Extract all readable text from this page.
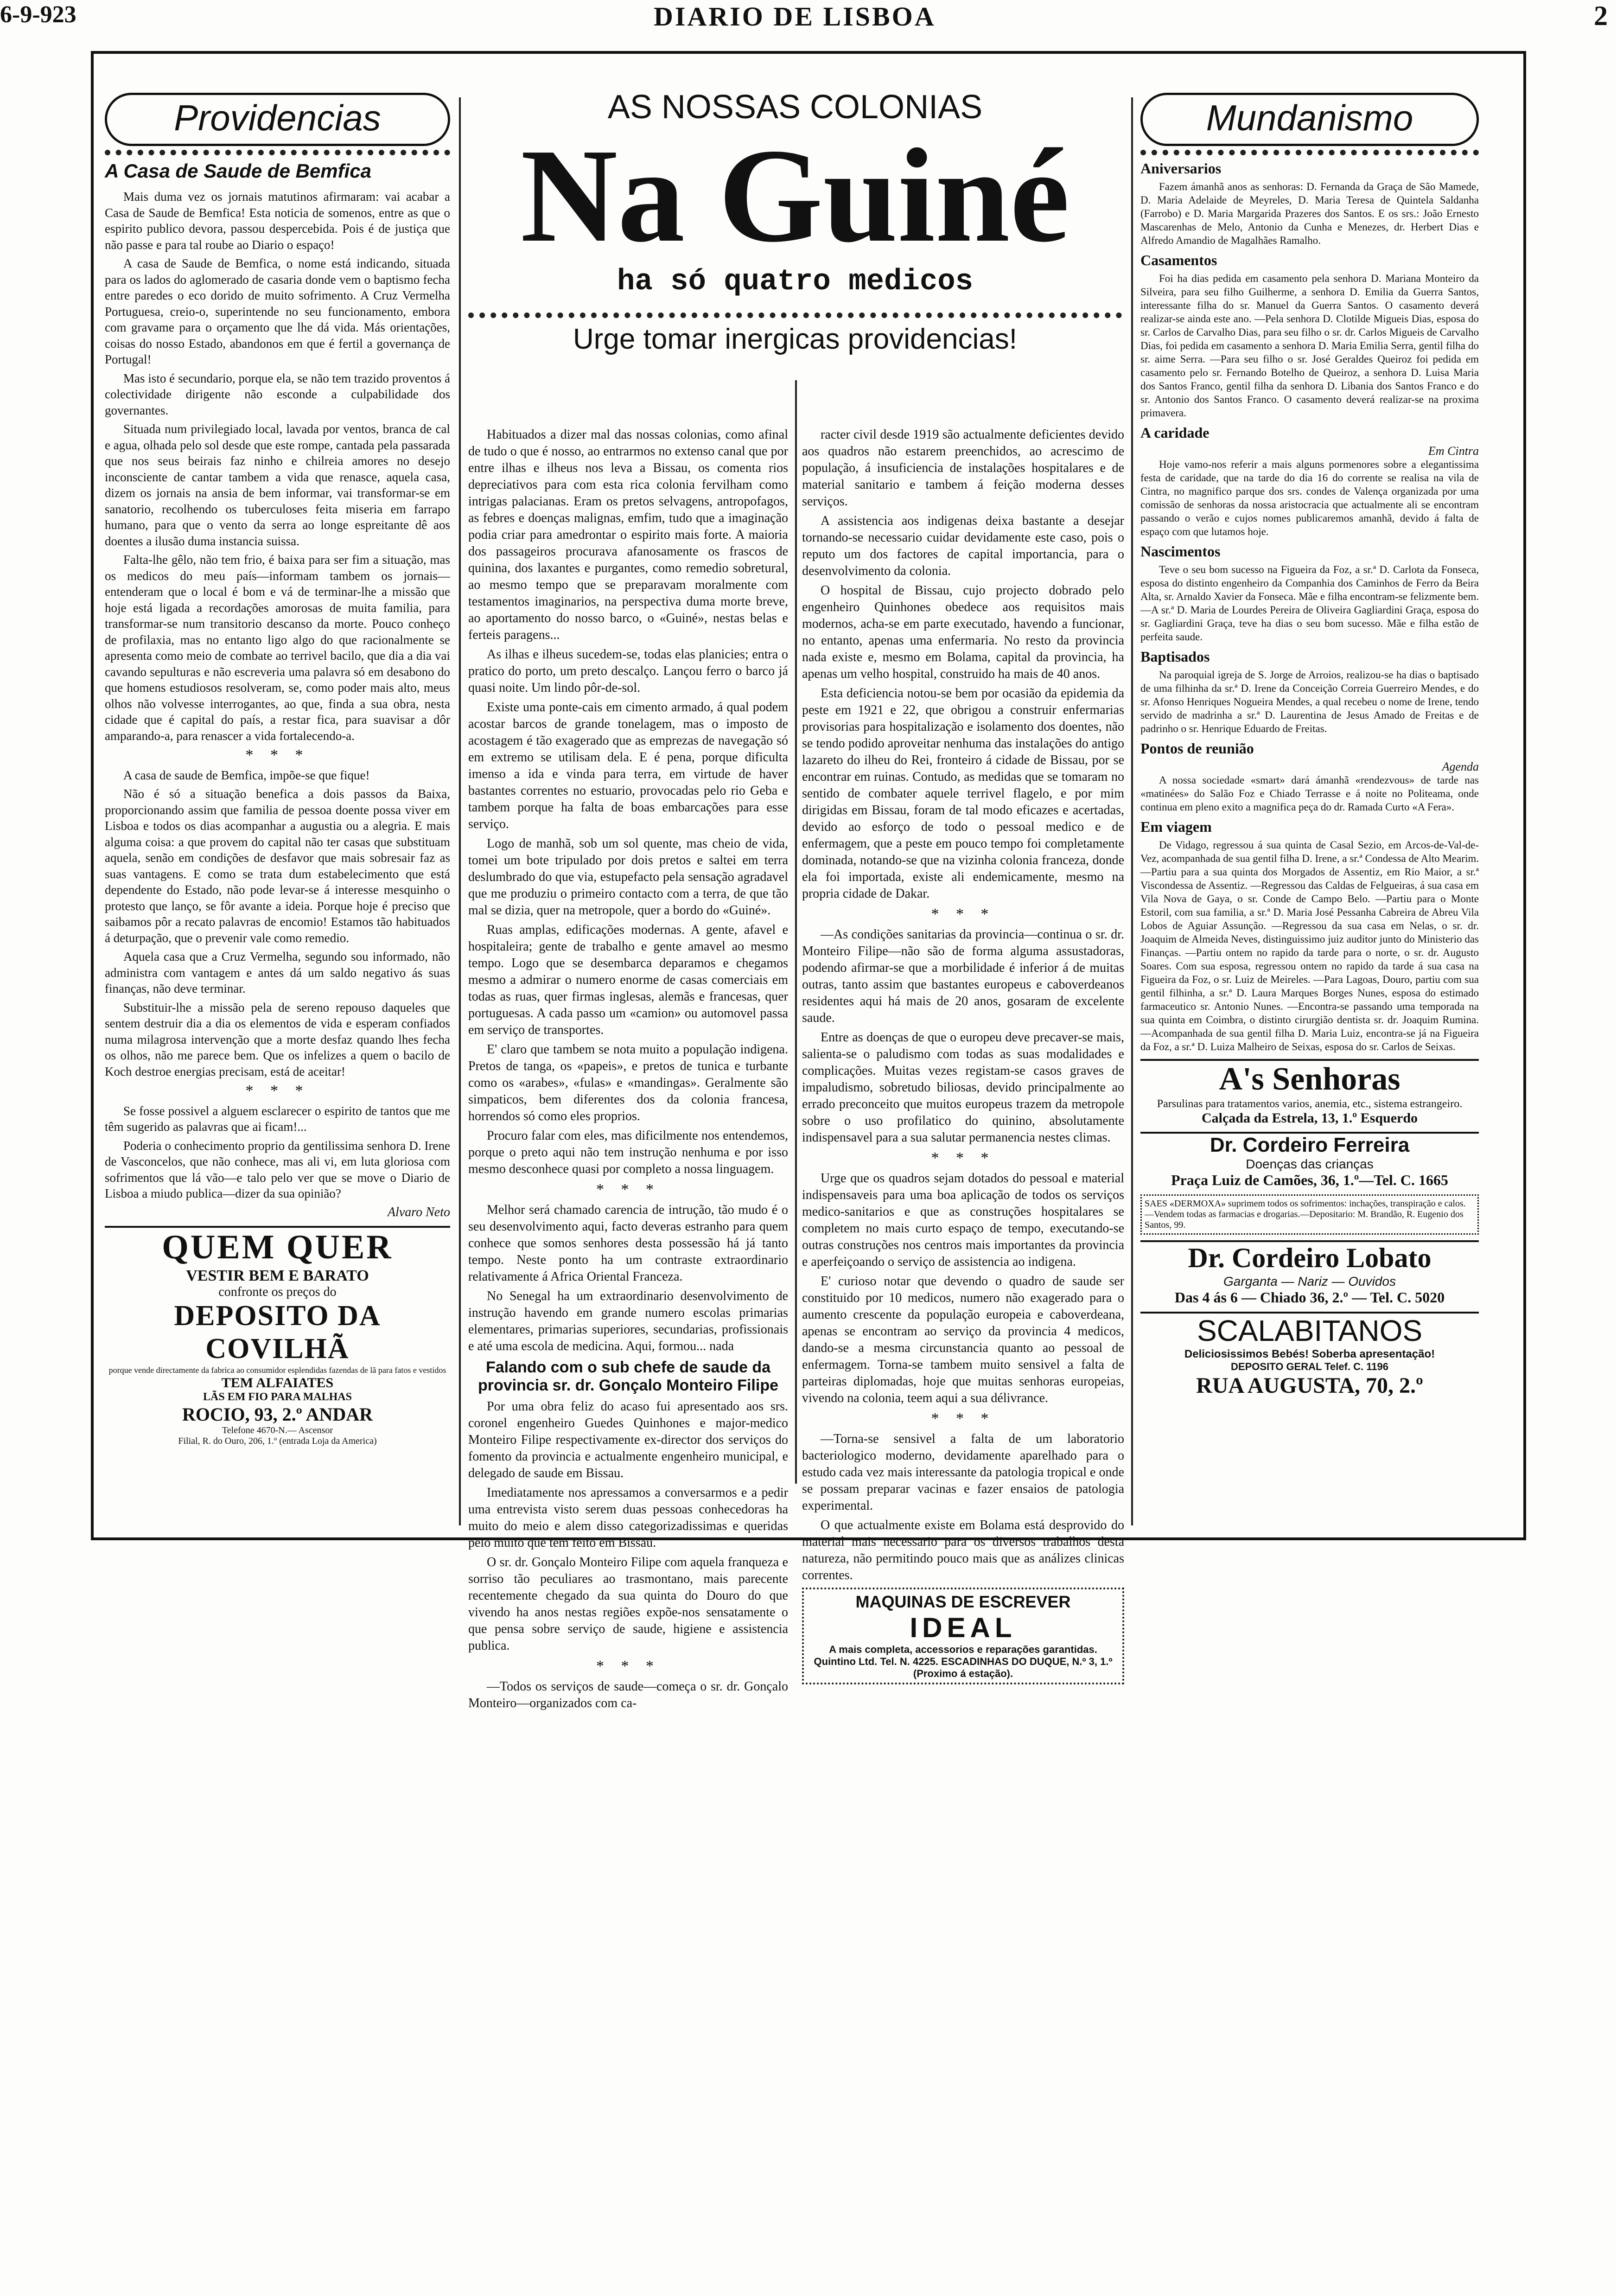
6-9-923	DIARIO DE LISBOA	2
Providencias
A Casa de Saude de Bemfica

Mais duma vez os jornais matutinos afirmaram: vai acabar a Casa de Saude de Bemfica! Esta noticia de somenos, entre as que o espirito publico devora, passou despercebida. Pois é de justiça que não passe e para tal roube ao Diario o espaço!

A casa de Saude de Bemfica, o nome está indicando, situada para os lados do aglomerado de casaria donde vem o baptismo fecha entre paredes o eco dorido de muito sofrimento. A Cruz Vermelha Portuguesa, creio-o, superintende no seu funcionamento, embora com gravame para o orçamento que lhe dá vida. Más orientações, coisas do nosso Estado, abandonos em que é fertil a governança de Portugal!

Mas isto é secundario, porque ela, se não tem trazido proventos á colectividade dirigente não esconde a culpabilidade dos governantes.

Situada num privilegiado local, lavada por ventos, branca de cal e agua, olhada pelo sol desde que este rompe, cantada pela passarada que nos seus beirais faz ninho e chilreia amores no desejo inconsciente de cantar tambem a vida que renasce, aquela casa, dizem os jornais na ansia de bem informar, vai transformar-se em sanatorio, recolhendo os tuberculoses feita miseria em farrapo humano, para que o vento da serra ao longe espreitante dê aos doentes a ilusão duma instancia suissa.

Falta-lhe gêlo, não tem frio, é baixa para ser fim a situação, mas os medicos do meu país—informam tambem os jornais—entenderam que o local é bom e vá de terminar-lhe a missão que hoje está ligada a recordações amorosas de muita familia, para transformar-se num transitorio descanso da morte. Pouco conheço de profilaxia, mas no entanto ligo algo do que racionalmente se apresenta como meio de combate ao terrivel bacilo, que dia a dia vai cavando sepulturas e não escreveria uma palavra só em desabono do que homens estudiosos resolveram, se, como poder mais alto, meus olhos não volvesse interrogantes, ao que, finda a sua obra, nesta cidade que é capital do país, a restar fica, para suavisar a dôr amparando-a, para renascer a vida fortalecendo-a.

* * *

A casa de saude de Bemfica, impõe-se que fique!

Não é só a situação benefica a dois passos da Baixa, proporcionando assim que familia de pessoa doente possa viver em Lisboa e todos os dias acompanhar a augustia ou a alegria. E mais alguma coisa: a que provem do capital não ter casas que substituam aquela, senão em condições de desfavor que mais sobresair faz as suas vantagens. E como se trata dum estabelecimento que está dependente do Estado, não pode levar-se á interesse mesquinho o protesto que lanço, se fôr avante a ideia. Porque hoje é preciso que saibamos pôr a recato palavras de encomio! Estamos tão habituados á deturpação, que o prevenir vale como remedio.

Aquela casa que a Cruz Vermelha, segundo sou informado, não administra com vantagem e antes dá um saldo negativo ás suas finanças, não deve terminar.

Substituir-lhe a missão pela de sereno repouso daqueles que sentem destruir dia a dia os elementos de vida e esperam confiados numa milagrosa intervenção que a morte desfaz quando lhes fecha os olhos, não me parece bem. Que os infelizes a quem o bacilo de Koch destroe energias precisam, está de aceitar!

* * *

Se fosse possivel a alguem esclarecer o espirito de tantos que me têm sugerido as palavras que ai ficam!...

Poderia o conhecimento proprio da gentilissima senhora D. Irene de Vasconcelos, que não conhece, mas ali vi, em luta gloriosa com sofrimentos que lá vão—e talo pelo ver que se move o Diario de Lisboa a miudo publica—dizer da sua opinião?

Alvaro Neto
QUEM QUER
VESTIR BEM E BARATO
confronte os preços do
DEPOSITO DA COVILHÃ
porque vende directamente da fabrica ao consumidor esplendidas fazendas de lã para fatos e vestidos
TEM ALFAIATES
LÃS EM FIO PARA MALHAS
ROCIO, 93, 2.º ANDAR
Telefone 4670-N.— Ascensor
Filial, R. do Ouro, 206, 1.º (entrada Loja da America)
AS NOSSAS COLONIAS
Na Guiné
ha só quatro medicos
Urge tomar inergicas providencias!

Habituados a dizer mal das nossas colonias, como afinal de tudo o que é nosso, ao entrarmos no extenso canal que por entre ilhas e ilheus nos leva a Bissau, os comenta rios depreciativos para com esta rica colonia fervilham como intrigas palacianas. Eram os pretos selvagens, antropofagos, as febres e doenças malignas, emfim, tudo que a imaginação podia criar para amedrontar o espirito mais forte. A maioria dos passageiros procurava afanosamente os frascos de quinina, dos laxantes e purgantes, como remedio sobretural, ao mesmo tempo que se preparavam moralmente com testamentos imaginarios, na perspectiva duma morte breve, ao aportamento do nosso barco, o «Guiné», nestas belas e ferteis paragens...

As ilhas e ilheus sucedem-se, todas elas planicies; entra o pratico do porto, um preto descalço. Lançou ferro o barco já quasi noite. Um lindo pôr-de-sol.

Existe uma ponte-cais em cimento armado, á qual podem acostar barcos de grande tonelagem, mas o imposto de acostagem é tão exagerado que as emprezas de navegação só em extremo se utilisam dela. E é pena, porque dificulta imenso a ida e vinda para terra, em virtude de haver bastantes correntes no estuario, provocadas pelo rio Geba e tambem porque ha falta de boas embarcações para esse serviço.

Logo de manhã, sob um sol quente, mas cheio de vida, tomei um bote tripulado por dois pretos e saltei em terra deslumbrado do que via, estupefacto pela sensação agradavel que me produziu o primeiro contacto com a terra, de que tão mal se dizia, quer na metropole, quer a bordo do «Guiné».

Ruas amplas, edificações modernas. A gente, afavel e hospitaleira; gente de trabalho e gente amavel ao mesmo tempo. Logo que se desembarca deparamos e chegamos mesmo a admirar o numero enorme de casas comerciais em todas as ruas, quer firmas inglesas, alemãs e francesas, quer portuguesas. A cada passo um «camion» ou automovel passa em serviço de transportes.

E' claro que tambem se nota muito a população indigena. Pretos de tanga, os «papeis», e pretos de tunica e turbante como os «arabes», «fulas» e «mandingas». Geralmente são simpaticos, bem diferentes dos da colonia francesa, horrendos só como eles proprios.

Procuro falar com eles, mas dificilmente nos entendemos, porque o preto aqui não tem instrução nenhuma e por isso mesmo desconhece quasi por completo a nossa linguagem.

* * *

Melhor será chamado carencia de intrução, tão mudo é o seu desenvolvimento aqui, facto deveras estranho para quem conhece que somos senhores desta possessão há já tanto tempo. Neste ponto ha um contraste extraordinario relativamente á Africa Oriental Franceza.

No Senegal ha um extraordinario desenvolvimento de instrução havendo em grande numero escolas primarias elementares, primarias superiores, secundarias, profissionais e até uma escola de medicina. Aqui, formou... nada

Falando com o sub chefe de saude da provincia sr. dr. Gonçalo Monteiro Filipe

Por uma obra feliz do acaso fui apresentado aos srs. coronel engenheiro Guedes Quinhones e major-medico Monteiro Filipe respectivamente ex-director dos serviços do fomento da provincia e actualmente engenheiro municipal, e delegado de saude em Bissau.

Imediatamente nos apressamos a conversarmos e a pedir uma entrevista visto serem duas pessoas conhecedoras ha muito do meio e alem disso categorizadissimas e queridas pelo muito que tem feito em Bissau.

O sr. dr. Gonçalo Monteiro Filipe com aquela franqueza e sorriso tão peculiares ao trasmontano, mais parecente recentemente chegado da sua quinta do Douro do que vivendo ha anos nestas regiões expõe-nos sensatamente o que pensa sobre serviço de saude, higiene e assistencia publica.

* * *

—Todos os serviços de saude—começa o sr. dr. Gonçalo Monteiro—organizados com ca-

racter civil desde 1919 são actualmente deficientes devido aos quadros não estarem preenchidos, ao acrescimo de população, á insuficiencia de instalações hospitalares e de material sanitario e tambem á feição moderna desses serviços.

A assistencia aos indigenas deixa bastante a desejar tornando-se necessario cuidar devidamente este caso, pois o reputo um dos factores de capital importancia, para o desenvolvimento da colonia.

O hospital de Bissau, cujo projecto dobrado pelo engenheiro Quinhones obedece aos requisitos mais modernos, acha-se em parte executado, havendo a funcionar, no entanto, apenas uma enfermaria. No resto da provincia nada existe e, mesmo em Bolama, capital da provincia, ha apenas um velho hospital, construido ha mais de 40 anos.

Esta deficiencia notou-se bem por ocasião da epidemia da peste em 1921 e 22, que obrigou a construir enfermarias provisorias para hospitalização e isolamento dos doentes, não se tendo podido aproveitar nenhuma das instalações do antigo lazareto do ilheu do Rei, fronteiro á cidade de Bissau, por se encontrar em ruinas. Contudo, as medidas que se tomaram no sentido de combater aquele terrivel flagelo, e por mim dirigidas em Bissau, foram de tal modo eficazes e acertadas, devido ao esforço de todo o pessoal medico e de enfermagem, que a peste em pouco tempo foi completamente dominada, notando-se que na vizinha colonia franceza, donde ela foi importada, existe ali endemicamente, mesmo na propria cidade de Dakar.

* * *

—As condições sanitarias da provincia—continua o sr. dr. Monteiro Filipe—não são de forma alguma assustadoras, podendo afirmar-se que a morbilidade é inferior á de muitas outras, tanto assim que bastantes europeus e caboverdeanos residentes aqui há mais de 20 anos, gosaram de excelente saude.

Entre as doenças de que o europeu deve precaver-se mais, salienta-se o paludismo com todas as suas modalidades e complicações. Muitas vezes registam-se casos graves de impaludismo, sobretudo biliosas, devido principalmente ao errado preconceito que muitos europeus trazem da metropole sobre o uso profilatico do quinino, absolutamente indispensavel para a sua salutar permanencia nestes climas.

* * *

Urge que os quadros sejam dotados do pessoal e material indispensaveis para uma boa aplicação de todos os serviços medico-sanitarios e que as construções hospitalares se completem no mais curto espaço de tempo, executando-se outras construções nos centros mais importantes da provincia e aperfeiçoando o serviço de assistencia ao indigena.

E' curioso notar que devendo o quadro de saude ser constituido por 10 medicos, numero não exagerado para o aumento crescente da população europeia e caboverdeana, apenas se encontram ao serviço da provincia 4 medicos, dando-se a mesma circunstancia quanto ao pessoal de enfermagem. Torna-se tambem muito sensivel a falta de parteiras diplomadas, hoje que muitas senhoras europeias, vivendo na colonia, teem aqui a sua délivrance.

* * *

—Torna-se sensivel a falta de um laboratorio bacteriologico moderno, devidamente aparelhado para o estudo cada vez mais interessante da patologia tropical e onde se possam preparar vacinas e fazer ensaios de patologia experimental.

O que actualmente existe em Bolama está desprovido do material mais necessario para os diversos trabalhos desta natureza, não permitindo pouco mais que as análizes clinicas correntes.

MAQUINAS DE ESCREVER
IDEAL
A mais completa, accessorios e reparações garantidas. Quintino Ltd. Tel. N. 4225. ESCADINHAS DO DUQUE, N.º 3, 1.º (Proximo á estação).
Mundanismo
Aniversarios

Fazem ámanhã anos as senhoras: D. Fernanda da Graça de São Mamede, D. Maria Adelaide de Meyreles, D. Maria Teresa de Quintela Saldanha (Farrobo) e D. Maria Margarida Prazeres dos Santos. E os srs.: João Ernesto Mascarenhas de Melo, Antonio da Cunha e Menezes, dr. Herbert Dias e Alfredo Amandio de Magalhães Ramalho.

Casamentos

Foi ha dias pedida em casamento pela senhora D. Mariana Monteiro da Silveira, para seu filho Guilherme, a senhora D. Emilia da Guerra Santos, interessante filha do sr. Manuel da Guerra Santos. O casamento deverá realizar-se ainda este ano. —Pela senhora D. Clotilde Migueis Dias, esposa do sr. Carlos de Carvalho Dias, para seu filho o sr. dr. Carlos Migueis de Carvalho Dias, foi pedida em casamento a senhora D. Maria Emilia Serra, gentil filha do sr. aime Serra. —Para seu filho o sr. José Geraldes Queiroz foi pedida em casamento pelo sr. Fernando Botelho de Queiroz, a senhora D. Luisa Maria dos Santos Franco, gentil filha da senhora D. Libania dos Santos Franco e do sr. Antonio dos Santos Franco. O casamento deverá realizar-se na proxima primavera.

A caridade
Em Cintra

Hoje vamo-nos referir a mais alguns pormenores sobre a elegantissima festa de caridade, que na tarde do dia 16 do corrente se realisa na vila de Cintra, no magnifico parque dos srs. condes de Valença organizada por uma comissão de senhoras da nossa aristocracia que actualmente ali se encontram passando o verão e cujos nomes publicaremos amanhã, devido á falta de espaço com que lutamos hoje.

Nascimentos

Teve o seu bom sucesso na Figueira da Foz, a sr.ª D. Carlota da Fonseca, esposa do distinto engenheiro da Companhia dos Caminhos de Ferro da Beira Alta, sr. Arnaldo Xavier da Fonseca. Mãe e filha encontram-se felizmente bem. —A sr.ª D. Maria de Lourdes Pereira de Oliveira Gagliardini Graça, esposa do sr. Gagliardini Graça, teve ha dias o seu bom sucesso. Mãe e filha estão de perfeita saude.

Baptisados

Na paroquial igreja de S. Jorge de Arroios, realizou-se ha dias o baptisado de uma filhinha da sr.ª D. Irene da Conceição Correia Guerreiro Mendes, e do sr. Afonso Henriques Nogueira Mendes, a qual recebeu o nome de Irene, tendo servido de madrinha a sr.ª D. Laurentina de Jesus Amado de Freitas e de padrinho o sr. Henrique Eduardo de Freitas.

Pontos de reunião
Agenda

A nossa sociedade «smart» dará ámanhã «rendezvous» de tarde nas «matinées» do Salão Foz e Chiado Terrasse e á noite no Politeama, onde continua em pleno exito a magnifica peça do dr. Ramada Curto «A Fera».

Em viagem

De Vidago, regressou á sua quinta de Casal Sezio, em Arcos-de-Val-de-Vez, acompanhada de sua gentil filha D. Irene, a sr.ª Condessa de Alto Mearim. —Partiu para a sua quinta dos Morgados de Assentiz, em Rio Maior, a sr.ª Viscondessa de Assentiz. —Regressou das Caldas de Felgueiras, á sua casa em Vila Nova de Gaya, o sr. Conde de Campo Belo. —Partiu para o Monte Estoril, com sua familia, a sr.ª D. Maria José Pessanha Cabreira de Abreu Vila Lobos de Aguiar Assunção. —Regressou da sua casa em Nelas, o sr. dr. Joaquim de Almeida Neves, distinguissimo juiz auditor junto do Ministerio das Finanças. —Partiu ontem no rapido da tarde para o norte, o sr. dr. Augusto Soares. Com sua esposa, regressou ontem no rapido da tarde á sua casa na Figueira da Foz, o sr. Luiz de Meireles. —Para Lagoas, Douro, partiu com sua gentil filhinha, a sr.ª D. Laura Marques Borges Nunes, esposa do estimado farmaceutico sr. Antonio Nunes. —Encontra-se passando uma temporada na sua quinta em Coimbra, o distinto cirurgião dentista sr. dr. Joaquim Rumina. —Acompanhada de sua gentil filha D. Maria Luiz, encontra-se já na Figueira da Foz, a sr.ª D. Luiza Malheiro de Seixas, esposa do sr. Carlos de Seixas.

A's Senhoras
Parsulinas para tratamentos varios, anemia, etc., sistema estrangeiro.
Calçada da Estrela, 13, 1.º Esquerdo
Dr. Cordeiro Ferreira
Doenças das crianças
Praça Luiz de Camões, 36, 1.º—Tel. C. 1665
SAES «DERMOXA» suprimem todos os sofrimentos: inchações, transpiração e calos.—Vendem todas as farmacias e drogarias.—Depositario: M. Brandão, R. Eugenio dos Santos, 99.
Dr. Cordeiro Lobato
Garganta — Nariz — Ouvidos
Das 4 ás 6 — Chiado 36, 2.º — Tel. C. 5020
SCALABITANOS
Deliciosissimos Bebés! Soberba apresentação!
DEPOSITO GERAL Telef. C. 1196
RUA AUGUSTA, 70, 2.º
